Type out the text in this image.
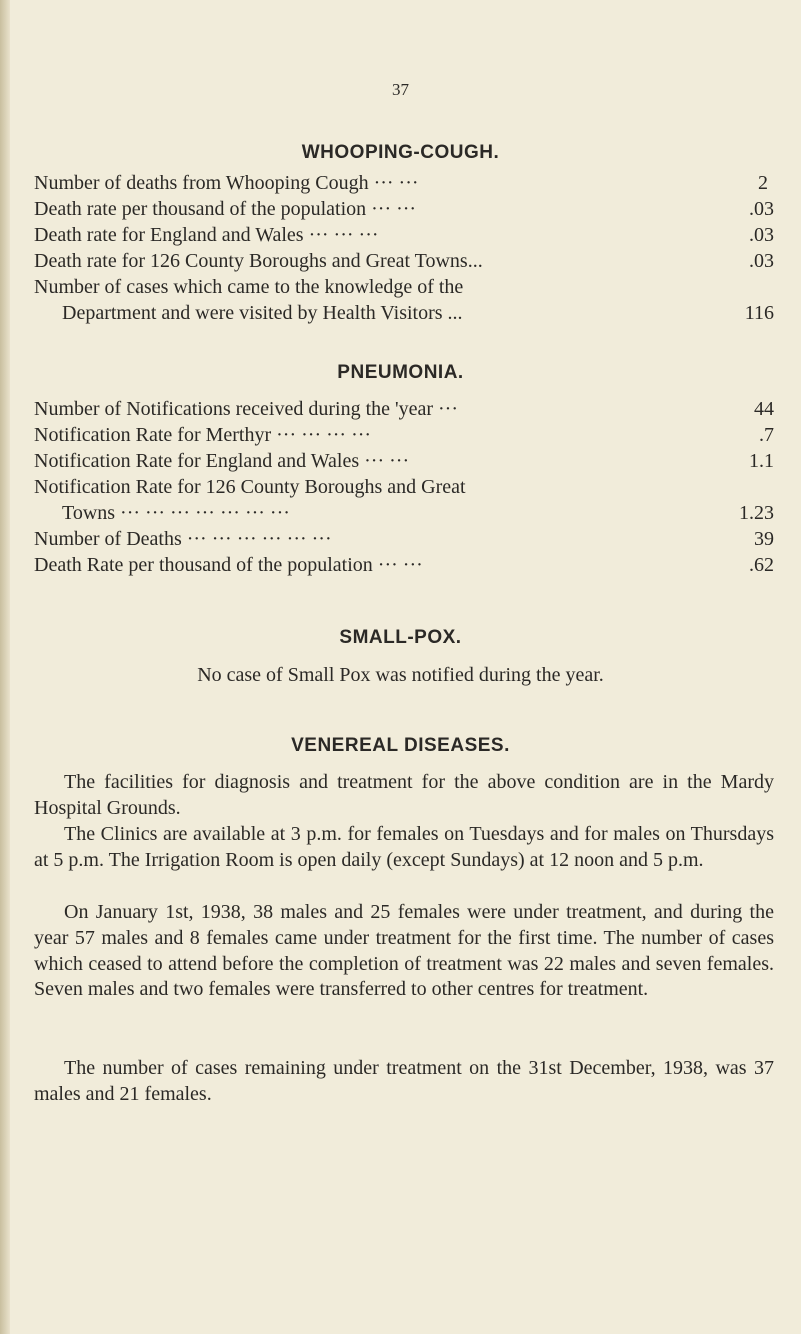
37
WHOOPING-COUGH.
Number of deaths from Whooping Cough ··· ···	2
Death rate per thousand of the population ··· ···	.03
Death rate for England and Wales ··· ··· ···	.03
Death rate for 126 County Boroughs and Great Towns...	.03
Number of cases which came to the knowledge of the
Department and were visited by Health Visitors ...	116
PNEUMONIA.
Number of Notifications received during the 'year ···	44
Notification Rate for Merthyr ··· ··· ··· ···	.7
Notification Rate for England and Wales ··· ···	1.1
Notification Rate for 126 County Boroughs and Great
Towns ··· ··· ··· ··· ··· ··· ···	1.23
Number of Deaths ··· ··· ··· ··· ··· ···	39
Death Rate per thousand of the population ··· ···	.62
SMALL-POX.
No case of Small Pox was notified during the year.
VENEREAL DISEASES.
The facilities for diagnosis and treatment for the above condition are in the Mardy Hospital Grounds.
The Clinics are available at 3 p.m. for females on Tuesdays and for males on Thursdays at 5 p.m. The Irrigation Room is open daily (except Sundays) at 12 noon and 5 p.m.
On January 1st, 1938, 38 males and 25 females were under treatment, and during the year 57 males and 8 females came under treatment for the first time. The number of cases which ceased to attend before the completion of treatment was 22 males and seven females. Seven males and two females were transferred to other centres for treatment.
The number of cases remaining under treatment on the 31st December, 1938, was 37 males and 21 females.
